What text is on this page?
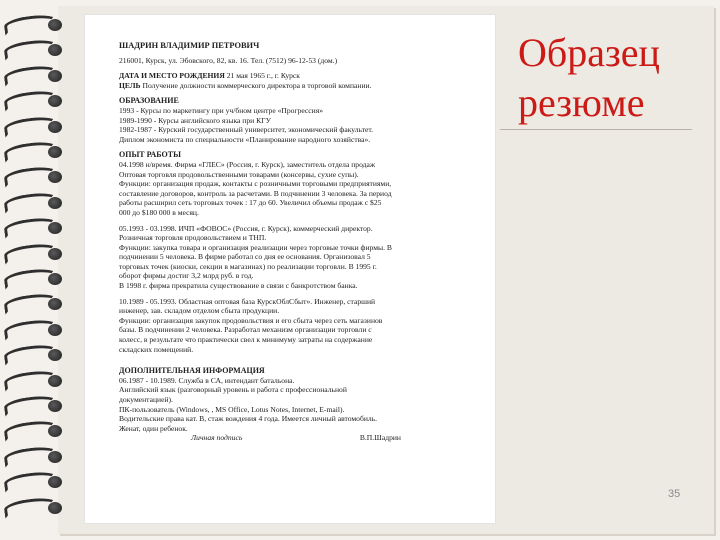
ШАДРИН ВЛАДИМИР ПЕТРОВИЧ
216001, Курск, ул. Эбовского, 82, кв. 16. Тел. (7512) 96-12-53 (дом.)
ДАТА И МЕСТО РОЖДЕНИЯ 21 мая 1965 г., г. Курск
ЦЕЛЬ Получение должности коммерческого директора в торговой компании.
ОБРАЗОВАНИЕ
1993 - Курсы по маркетингу при уч/бном центре «Прогрессия»
1989-1990 - Курсы английского языка при КГУ
1982-1987 - Курский государственный университет, экономический факультет.
Диплом экономиста по специальности «Планирование народного хозяйства».
ОПЫТ РАБОТЫ
04.1998 н/время. Фирма «ГЛЕС» (Россия, г. Курск), заместитель отдела продаж
Оптовая торговля продовольственными товарами (консервы, сухие супы).
Функции: организация продаж, контакты с розничными торговыми предприятиями,
составление договоров, контроль за расчетами. В подчинении 3 человека. За период
работы расширил сеть торговых точек : 17 до 60. Увеличил объемы продаж с $25
000 до $180 000 в месяц.
05.1993 - 03.1998. ИЧП «ФОВОС» (Россия, г. Курск), коммерческий директор.
Розничная торговля продовольствием и ТНП.
Функции: закупка товара и организация реализации через торговые точки фирмы. В
подчинении 5 человека. В фирме работал со дня ее основания. Организовал 5
торговых точек (киоски, секции в магазинах) по реализации торговли. В 1995 г.
оборот фирмы достиг 3,2 млрд руб. в год.
В 1998 г. фирма прекратила существование в связи с банкротством банка.
10.1989 - 05.1993. Областная оптовая база КурскОблСбыт». Инженер, старший
инженер, зав. складом отделом сбыта продукции.
Функции: организация закупок продовольствия и его сбыта через сеть магазинов
базы. В подчинении 2 человека. Разработал механизм организации торговли с
колесс, в результате что практически свел к минимуму затраты на содержание
складских помещений.
ДОПОЛНИТЕЛЬНАЯ ИНФОРМАЦИЯ
06.1987 - 10.1989. Служба в СА, интендант батальона.
Английский язык (разговорный уровень и работа с профессиональной
документацией).
ПК-пользователь (Windows, , MS Office, Lotus Notes, Internet, E-mail).
Водительские права кат. B, стаж вождения 4 года. Имеется личный автомобиль.
Женат, один ребенок.
Личная подпись	В.П.Шадрин
Образец
резюме
35
